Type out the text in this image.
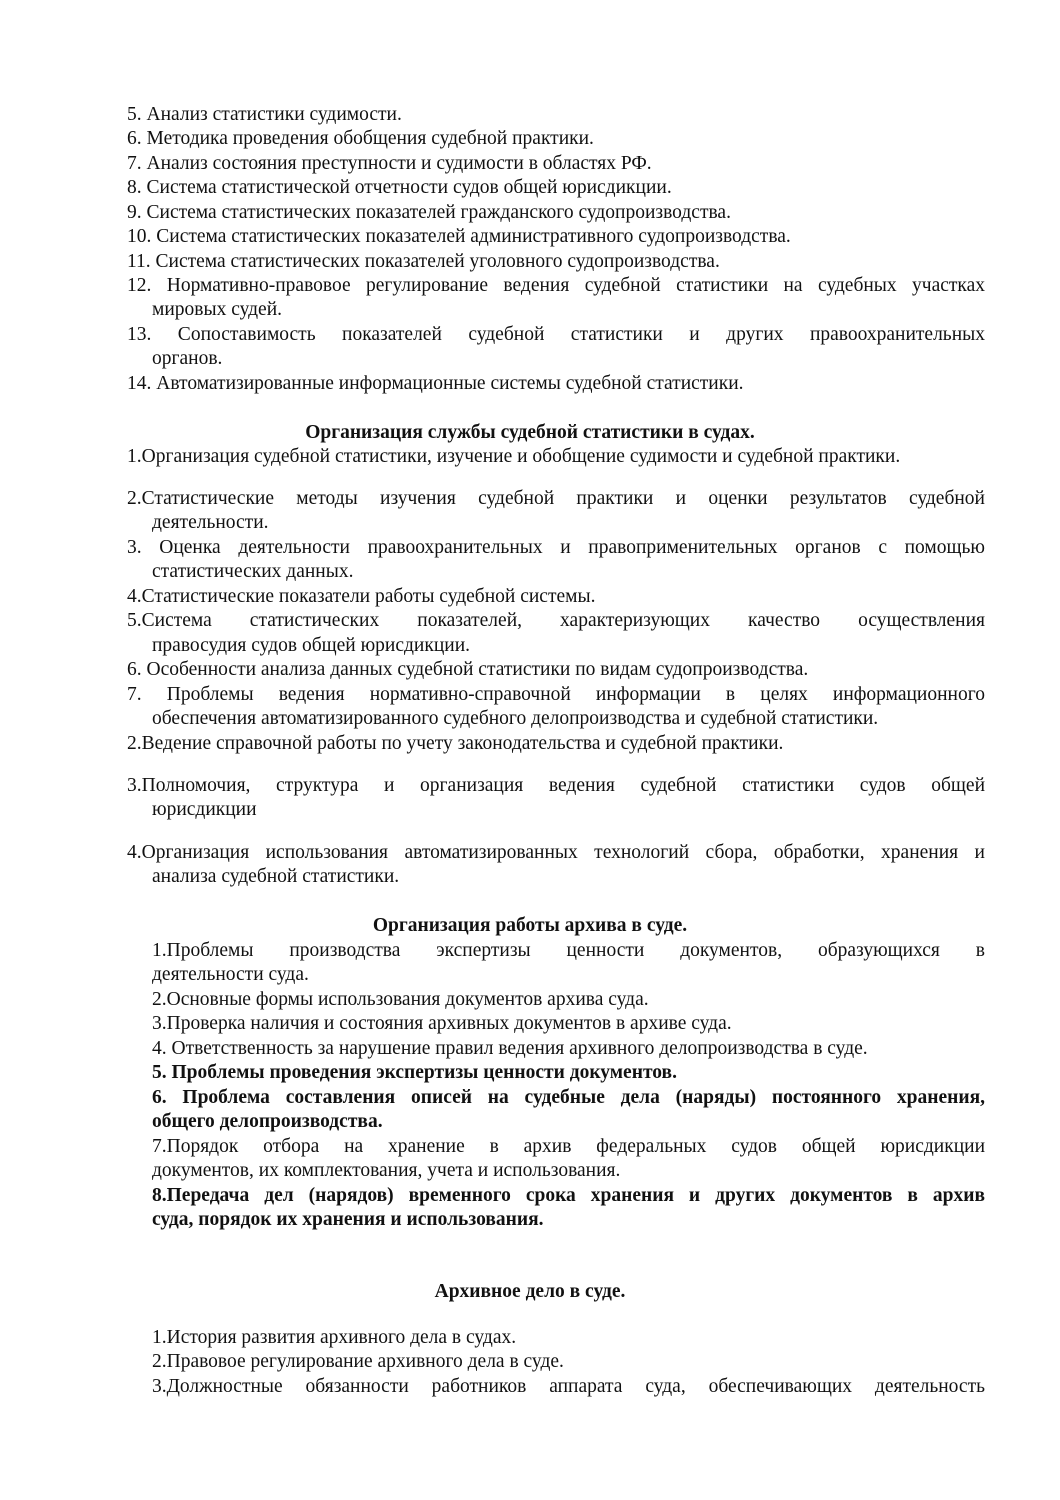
5. Анализ статистики судимости.
6. Методика проведения обобщения судебной практики.
7. Анализ состояния преступности и судимости в областях РФ.
8. Система статистической отчетности судов общей юрисдикции.
9. Система статистических показателей гражданского судопроизводства.
10. Система статистических показателей административного судопроизводства.
11. Система статистических показателей уголовного судопроизводства.
12. Нормативно-правовое регулирование ведения судебной статистики на судебных участках
мировых судей.
13. Сопоставимость показателей судебной статистики и других правоохранительных
органов.
14. Автоматизированные информационные системы судебной статистики.
Организация службы судебной статистики в судах.
1.Организация судебной статистики, изучение и обобщение судимости и судебной практики.
2.Статистические методы изучения судебной практики и оценки результатов судебной
деятельности.
3. Оценка деятельности правоохранительных и правоприменительных органов с помощью
статистических данных.
4.Статистические показатели работы судебной системы.
5.Система статистических показателей, характеризующих качество осуществления
правосудия судов общей юрисдикции.
6. Особенности анализа данных судебной статистики по видам судопроизводства.
7. Проблемы ведения нормативно-справочной информации в целях информационного
обеспечения автоматизированного судебного делопроизводства и судебной статистики.
2.Ведение справочной работы по учету законодательства и судебной практики.
3.Полномочия, структура и организация ведения судебной статистики судов общей
юрисдикции
4.Организация использования автоматизированных технологий сбора, обработки, хранения и
анализа судебной статистики.
Организация работы архива в суде.
1.Проблемы производства экспертизы ценности документов, образующихся в
деятельности суда.
2.Основные формы использования документов архива суда.
3.Проверка наличия и состояния архивных документов в архиве суда.
4. Ответственность за нарушение правил ведения архивного делопроизводства в суде.
5. Проблемы проведения экспертизы ценности документов.
6. Проблема составления описей на судебные дела (наряды) постоянного хранения,
общего делопроизводства.
7.Порядок отбора на хранение в архив федеральных судов общей юрисдикции
документов, их комплектования, учета и использования.
8.Передача дел (нарядов) временного срока хранения и других документов в архив
суда, порядок их хранения и использования.
Архивное дело в суде.
1.История развития архивного дела в судах.
2.Правовое регулирование архивного дела в суде.
3.Должностные обязанности работников аппарата суда, обеспечивающих деятельность
